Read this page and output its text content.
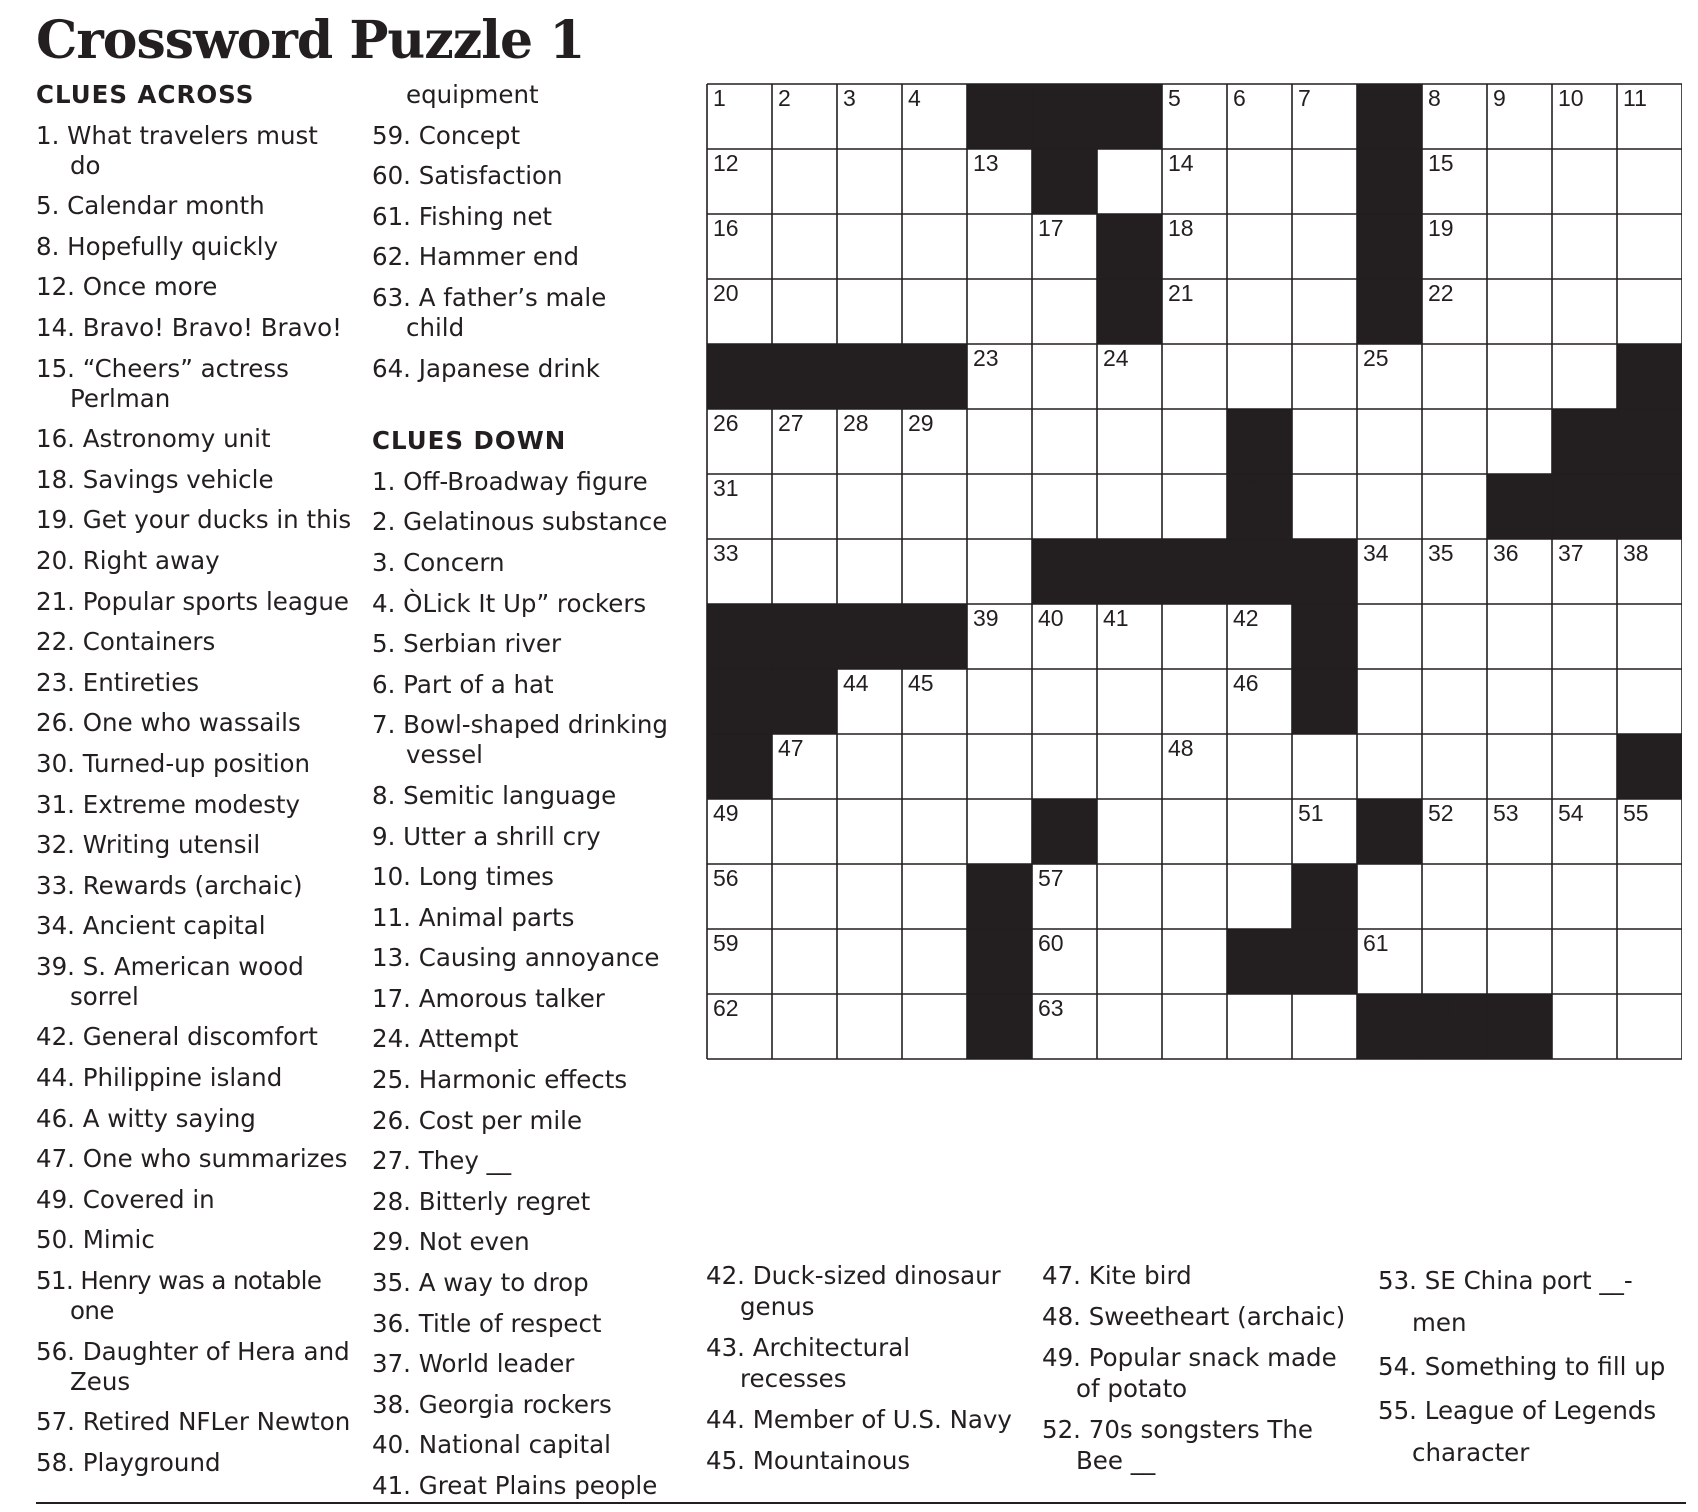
Crossword Puzzle 1
CLUES ACROSS
1. What travelers must do
5. Calendar month
8. Hopefully quickly
12. Once more
14. Bravo! Bravo! Bravo!
15. “Cheers” actress Perlman
16. Astronomy unit
18. Savings vehicle
19. Get your ducks in this
20. Right away
21. Popular sports league
22. Containers
23. Entireties
26. One who wassails
30. Turned-up position
31. Extreme modesty
32. Writing utensil
33. Rewards (archaic)
34. Ancient capital
39. S. American wood sorrel
42. General discomfort
44. Philippine island
46. A witty saying
47. One who summarizes
49. Covered in
50. Mimic
51. Henry was a notable one
56. Daughter of Hera and Zeus
57. Retired NFLer Newton
58. Playground
equipment
59. Concept
60. Satisfaction
61. Fishing net
62. Hammer end
63. A father’s male child
64. Japanese drink
CLUES DOWN
1. Off-Broadway figure
2. Gelatinous substance
3. Concern
4. ÒLick It Up” rockers
5. Serbian river
6. Part of a hat
7. Bowl-shaped drinking vessel
8. Semitic language
9. Utter a shrill cry
10. Long times
11. Animal parts
13. Causing annoyance
17. Amorous talker
24. Attempt
25. Harmonic effects
26. Cost per mile
27. They __
28. Bitterly regret
29. Not even
35. A way to drop
36. Title of respect
37. World leader
38. Georgia rockers
40. National capital
41. Great Plains people
1 2 3 4	5 6 7	8 9 10 11
12	13	14	15
16	17	18	19
20	21	22
23	24	25
26 27 28 29	30
31	32
33	34 35 36 37 38
39 40 41	42 43
44 45	46
47	48
49	50	51	52 53 54 55
56	57	58
59	60	61
62	63	64
42. Duck-sized dinosaur genus
43. Architectural recesses
44. Member of U.S. Navy
45. Mountainous
47. Kite bird
48. Sweetheart (archaic)
49. Popular snack made of potato
52. 70s songsters The Bee __
53. SE China port __-men
54. Something to fill up
55. League of Legends character
